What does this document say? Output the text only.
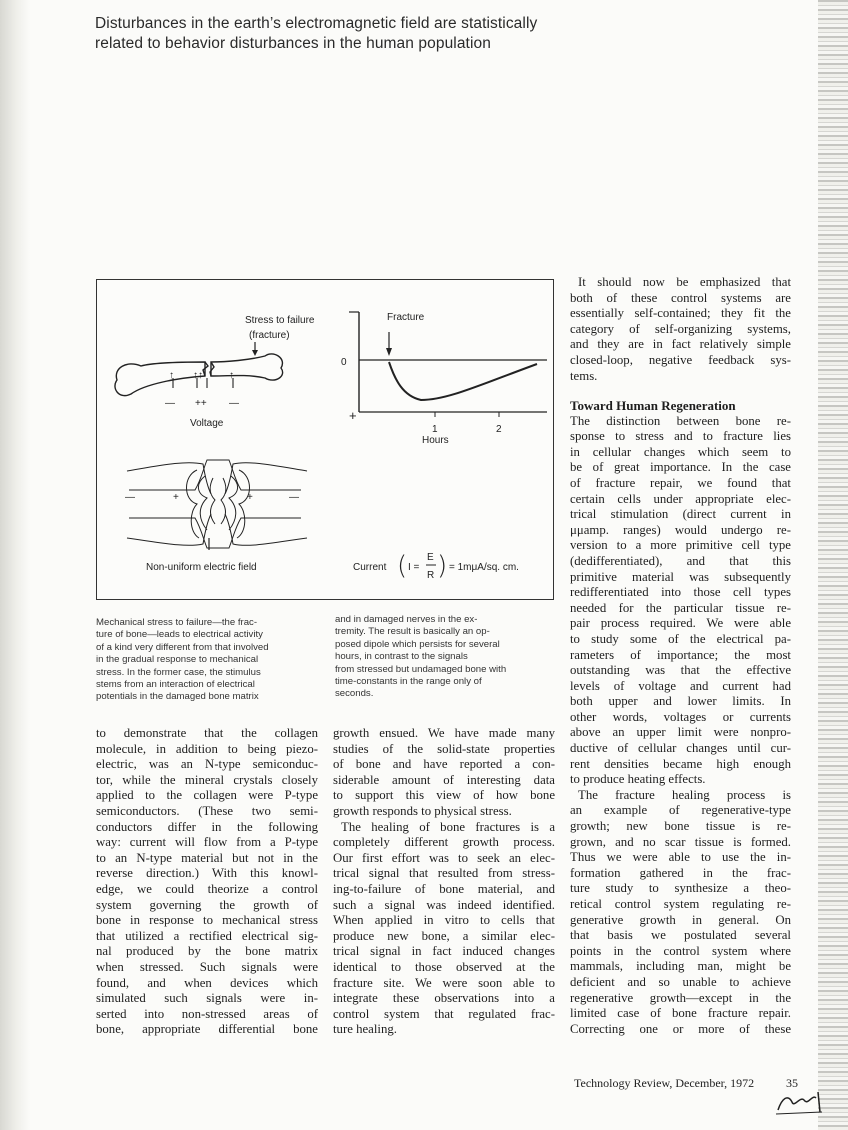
Disturbances in the earth’s electromagnetic field are statistically
related to behavior disturbances in the human population
↑ ↑↑	↑
— ++ —
Stress to failure
(fracture)
Voltage
—	+	+	—
Non-uniform electric field
Fracture
0
+
1	2
Hours
Current ( I =
E
R ) = 1mμA/sq. cm.
Mechanical stress to failure—the frac-
ture of bone—leads to electrical activity
of a kind very different from that involved
in the gradual response to mechanical
stress. In the former case, the stimulus
stems from an interaction of electrical
potentials in the damaged bone matrix
and in damaged nerves in the ex-
tremity. The result is basically an op-
posed dipole which persists for several
hours, in contrast to the signals
from stressed but undamaged bone with
time-constants in the range only of
seconds.
to demonstrate that the collagen
molecule, in addition to being piezo-
electric, was an N-type semiconduc-
tor, while the mineral crystals closely
applied to the collagen were P-type
semiconductors. (These two semi-
conductors differ in the following
way: current will flow from a P-type
to an N-type material but not in the
reverse direction.) With this knowl-
edge, we could theorize a control
system governing the growth of
bone in response to mechanical stress
that utilized a rectified electrical sig-
nal produced by the bone matrix
when stressed. Such signals were
found, and when devices which
simulated such signals were in-
serted into non-stressed areas of
bone, appropriate differential bone
growth ensued. We have made many
studies of the solid-state properties
of bone and have reported a con-
siderable amount of interesting data
to support this view of how bone
growth responds to physical stress.
The healing of bone fractures is a
completely different growth process.
Our first effort was to seek an elec-
trical signal that resulted from stress-
ing-to-failure of bone material, and
such a signal was indeed identified.
When applied in vitro to cells that
produce new bone, a similar elec-
trical signal in fact induced changes
identical to those observed at the
fracture site. We were soon able to
integrate these observations into a
control system that regulated frac-
ture healing.
It should now be emphasized that
both of these control systems are
essentially self-contained; they fit the
category of self-organizing systems,
and they are in fact relatively simple
closed-loop, negative feedback sys-
tems.
Toward Human Regeneration
The distinction between bone re-
sponse to stress and to fracture lies
in cellular changes which seem to
be of great importance. In the case
of fracture repair, we found that
certain cells under appropriate elec-
trical stimulation (direct current in
μμamp. ranges) would undergo re-
version to a more primitive cell type
(dedifferentiated), and that this
primitive material was subsequently
redifferentiated into those cell types
needed for the particular tissue re-
pair process required. We were able
to study some of the electrical pa-
rameters of importance; the most
outstanding was that the effective
levels of voltage and current had
both upper and lower limits. In
other words, voltages or currents
above an upper limit were nonpro-
ductive of cellular changes until cur-
rent densities became high enough
to produce heating effects.
The fracture healing process is
an example of regenerative-type
growth; new bone tissue is re-
grown, and no scar tissue is formed.
Thus we were able to use the in-
formation gathered in the frac-
ture study to synthesize a theo-
retical control system regulating re-
generative growth in general. On
that basis we postulated several
points in the control system where
mammals, including man, might be
deficient and so unable to achieve
regenerative growth—except in the
limited case of bone fracture repair.
Correcting one or more of these
Technology Review, December, 1972	35
